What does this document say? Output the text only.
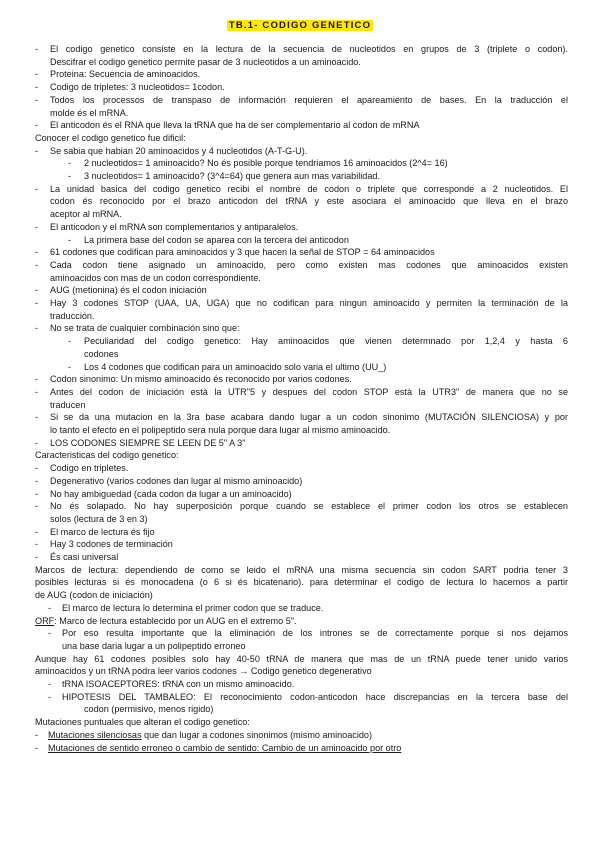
TB.1- CODIGO GENETICO
- El codigo genetico consiste en la lectura de la secuencia de nucleotidos en grupos de 3 (triplete o codon).
Descifrar el codigo genetico permite pasar de 3 nucleotidos a un aminoacido.
- Proteina: Secuencia de aminoacidos.
- Codigo de tripletes: 3 nucleotidos= 1codon.
- Todos los processos de transpaso de información requieren el apareamiento de bases. En la traducción el
molde és el mRNA.
- El anticodon és el RNA que lleva la tRNA que ha de ser complementario al codon de mRNA
Conocer el codigo genetico fue dificil:
- Se sabia que habian 20 aminoacidos y 4 nucleotidos (A-T-G-U).
- 2 nucleotidos= 1 aminoacido? No és posible porque tendriamos 16 aminoacidos (2^4= 16)
- 3 nucleotidos= 1 aminoacido? (3^4=64) que genera aun mas variabilidad.
- La unidad basica del codigo genetico recibi el nombre de codon o triplete que corresponde a 2 nucleotidos. El
codon és reconocido por el brazo anticodon del tRNA y este asociara el aminoacido que lleva en el brazo
aceptor al mRNA.
- El anticodon y el mRNA son complementarios y antiparalelos.
- La primera base del codon se aparea con la tercera del anticodon
- 61 codones que codifican para aminoacidos y 3 que hacen la señal de STOP = 64 aminoacidos
- Cada codon tiene asignado un aminoacido, pero como existen mas codones que aminoacidos existen
aminoacidos con mas de un codon correspondiente.
- AUG (metionina) és el codon iniciación
- Hay 3 codones STOP (UAA, UA, UGA) que no codifican para ningun aminoacido y permiten la terminación de la
traducción.
- No se trata de cualquier combinación sino que:
- Peculiaridad del codigo genetico: Hay aminoacidos que vienen determnado por 1,2,4 y hasta 6
codones
- Los 4 codones que codifican para un aminoacido solo varia el ultimo (UU_)
- Codon sinonimo: Un mismo aminoacido és reconocido por varios codones.
- Antes del codon de iniciación està la UTR"5 y despues del codon STOP està la UTR3" de manera que no se
traducen
- Si se da una mutacion en la 3ra base acabara dando lugar a un codon sinonimo (MUTACIÓN SILENCIOSA) y por
lo tanto el efecto en el polipeptido sera nula porque dara lugar al mismo aminoacido.
- LOS CODONES SIEMPRE SE LEEN DE 5" A 3"
Caracteristicas del codigo genetico:
- Codigo en tripletes.
- Degenerativo (varios codones dan lugar al mismo aminoacido)
- No hay ambiguedad (cada codon da lugar a un aminoacido)
- No és solapado. No hay superposición porque cuando se establece el primer codon los otros se establecen
solos (lectura de 3 en 3)
- El marco de lectura és fijo
- Hay 3 codones de terminación
- És casi universal
Marcos de lectura: dependiendo de como se leido el mRNA una misma secuencia sin codon SART podria tener 3
posibles lecturas si és monocadena (o 6 si és bicatenario). para determinar el codigo de lectura lo hacemos a partir
de AUG (codon de iniciación)
- El marco de lectura lo determina el primer codon que se traduce.
ORF: Marco de lectura establecido por un AUG en el extremo 5".
- Por eso resulta importante que la eliminación de los intrones se de correctamente porque si nos dejamos
una base daria lugar a un polipeptido erroneo
Aunque hay 61 codones posibles solo hay 40-50 tRNA de manera que mas de un tRNA puede tener unido varios
aminoacidos y un tRNA podra leer varios codones → Codigo genetico degenerativo
- tRNA ISOACEPTORES: tRNA con un mismo aminoacido.
- HIPOTESIS DEL TAMBALEO: El reconocimiento codon-anticodon hace discrepancias en la tercera base del
codon (permisivo, menos rigido)
Mutaciones puntuales que alteran el codigo genetico:
- Mutaciones silenciosas que dan lugar a codones sinonimos (mismo aminoacido)
- Mutaciones de sentido erroneo o cambio de sentido: Cambio de un aminoacido por otro
